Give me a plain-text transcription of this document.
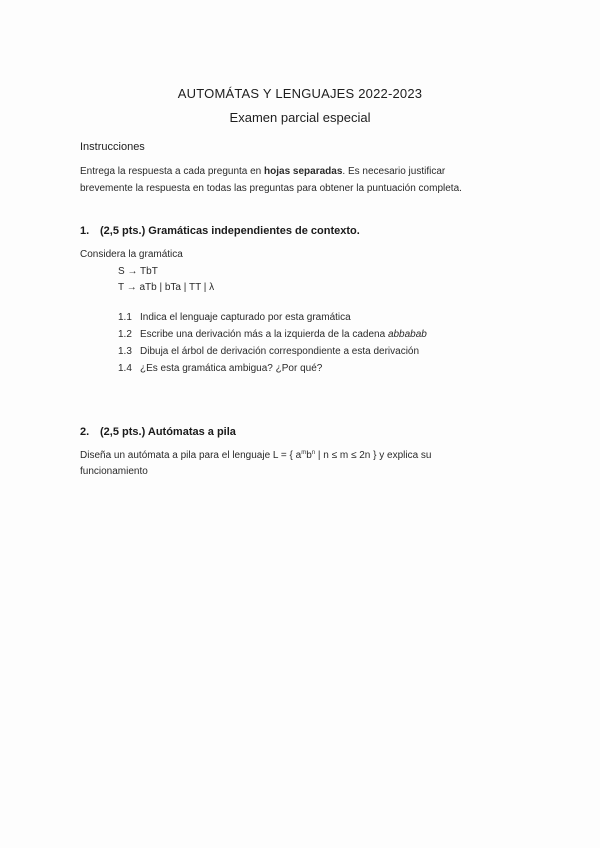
AUTOMÁTAS Y LENGUAJES 2022-2023
Examen parcial especial
Instrucciones
Entrega la respuesta a cada pregunta en hojas separadas. Es necesario justificar
brevemente la respuesta en todas las preguntas para obtener la puntuación completa.
1. (2,5 pts.) Gramáticas independientes de contexto.
Considera la gramática
S → TbT
T → aTb | bTa | TT | λ
1.1 Indica el lenguaje capturado por esta gramática
1.2 Escribe una derivación más a la izquierda de la cadena abbabab
1.3 Dibuja el árbol de derivación correspondiente a esta derivación
1.4 ¿Es esta gramática ambigua? ¿Por qué?
2. (2,5 pts.) Autómatas a pila
Diseña un autómata a pila para el lenguaje L = { $a^mb^n$ | n ≤ m ≤ 2n } y explica su
funcionamiento
